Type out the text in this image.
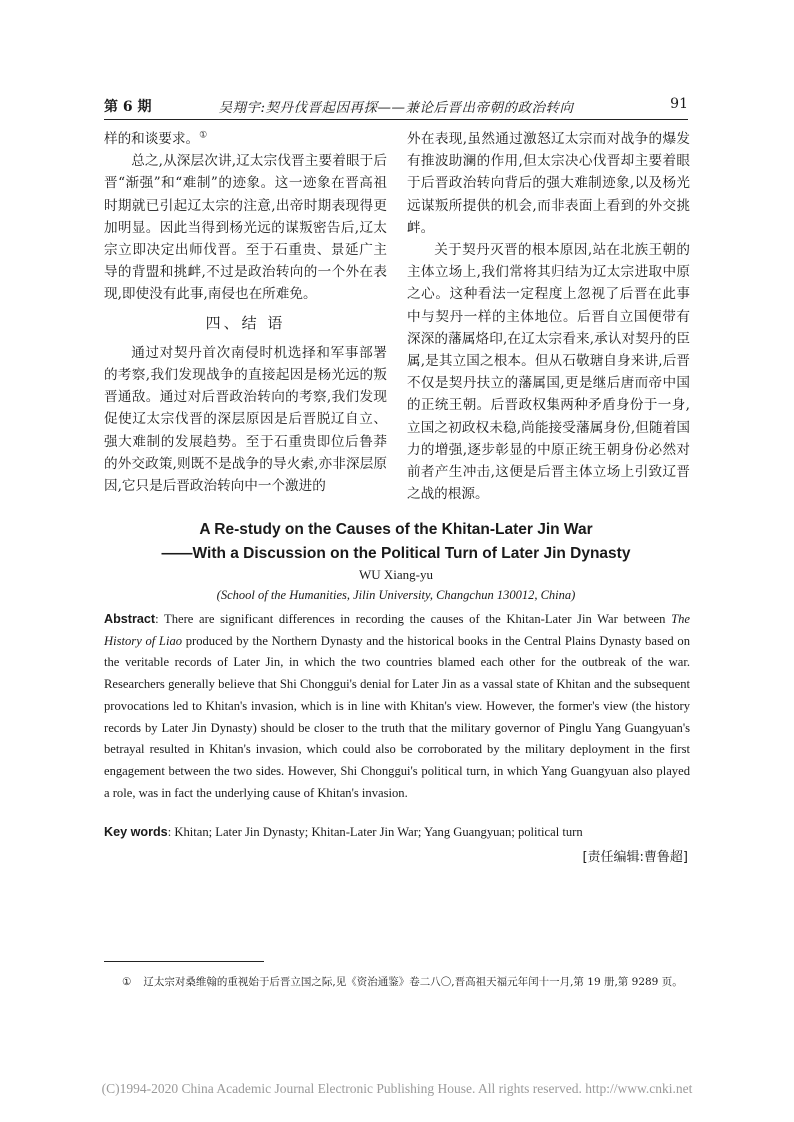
第 6 期	吴翔宇:契丹伐晋起因再探——兼论后晋出帝朝的政治转向	91

样的和谈要求。①

总之,从深层次讲,辽太宗伐晋主要着眼于后晋“渐强”和“难制”的迹象。这一迹象在晋高祖时期就已引起辽太宗的注意,出帝时期表现得更加明显。因此当得到杨光远的谋叛密告后,辽太宗立即决定出师伐晋。至于石重贵、景延广主导的背盟和挑衅,不过是政治转向的一个外在表现,即使没有此事,南侵也在所难免。

四、结 语

通过对契丹首次南侵时机选择和军事部署的考察,我们发现战争的直接起因是杨光远的叛晋通敌。通过对后晋政治转向的考察,我们发现促使辽太宗伐晋的深层原因是后晋脱辽自立、强大难制的发展趋势。至于石重贵即位后鲁莽的外交政策,则既不是战争的导火索,亦非深层原因,它只是后晋政治转向中一个激进的

外在表现,虽然通过激怒辽太宗而对战争的爆发有推波助澜的作用,但太宗决心伐晋却主要着眼于后晋政治转向背后的强大难制迹象,以及杨光远谋叛所提供的机会,而非表面上看到的外交挑衅。

关于契丹灭晋的根本原因,站在北族王朝的主体立场上,我们常将其归结为辽太宗进取中原之心。这种看法一定程度上忽视了后晋在此事中与契丹一样的主体地位。后晋自立国便带有深深的藩属烙印,在辽太宗看来,承认对契丹的臣属,是其立国之根本。但从石敬瑭自身来讲,后晋不仅是契丹扶立的藩属国,更是继后唐而帝中国的正统王朝。后晋政权集两种矛盾身份于一身,立国之初政权未稳,尚能接受藩属身份,但随着国力的增强,逐步彰显的中原正统王朝身份必然对前者产生冲击,这便是后晋主体立场上引致辽晋之战的根源。

A Re-study on the Causes of the Khitan-Later Jin War
——With a Discussion on the Political Turn of Later Jin Dynasty
WU Xiang-yu
(School of the Humanities, Jilin University, Changchun 130012, China)

Abstract: There are significant differences in recording the causes of the Khitan-Later Jin War between The History of Liao produced by the Northern Dynasty and the historical books in the Central Plains Dynasty based on the veritable records of Later Jin, in which the two countries blamed each other for the outbreak of the war. Researchers generally believe that Shi Chonggui's denial for Later Jin as a vassal state of Khitan and the subsequent provocations led to Khitan's invasion, which is in line with Khitan's view. However, the former's view (the history records by Later Jin Dynasty) should be closer to the truth that the military governor of Pinglu Yang Guangyuan's betrayal resulted in Khitan's invasion, which could also be corroborated by the military deployment in the first engagement between the two sides. However, Shi Chonggui's political turn, in which Yang Guangyuan also played a role, was in fact the underlying cause of Khitan's invasion.

Key words: Khitan; Later Jin Dynasty; Khitan-Later Jin War; Yang Guangyuan; political turn

[责任编辑:曹鲁超]
① 辽太宗对桑维翰的重视始于后晋立国之际,见《资治通鉴》卷二八〇,晋高祖天福元年闰十一月,第 19 册,第 9289 页。
(C)1994-2020 China Academic Journal Electronic Publishing House. All rights reserved. http://www.cnki.net
